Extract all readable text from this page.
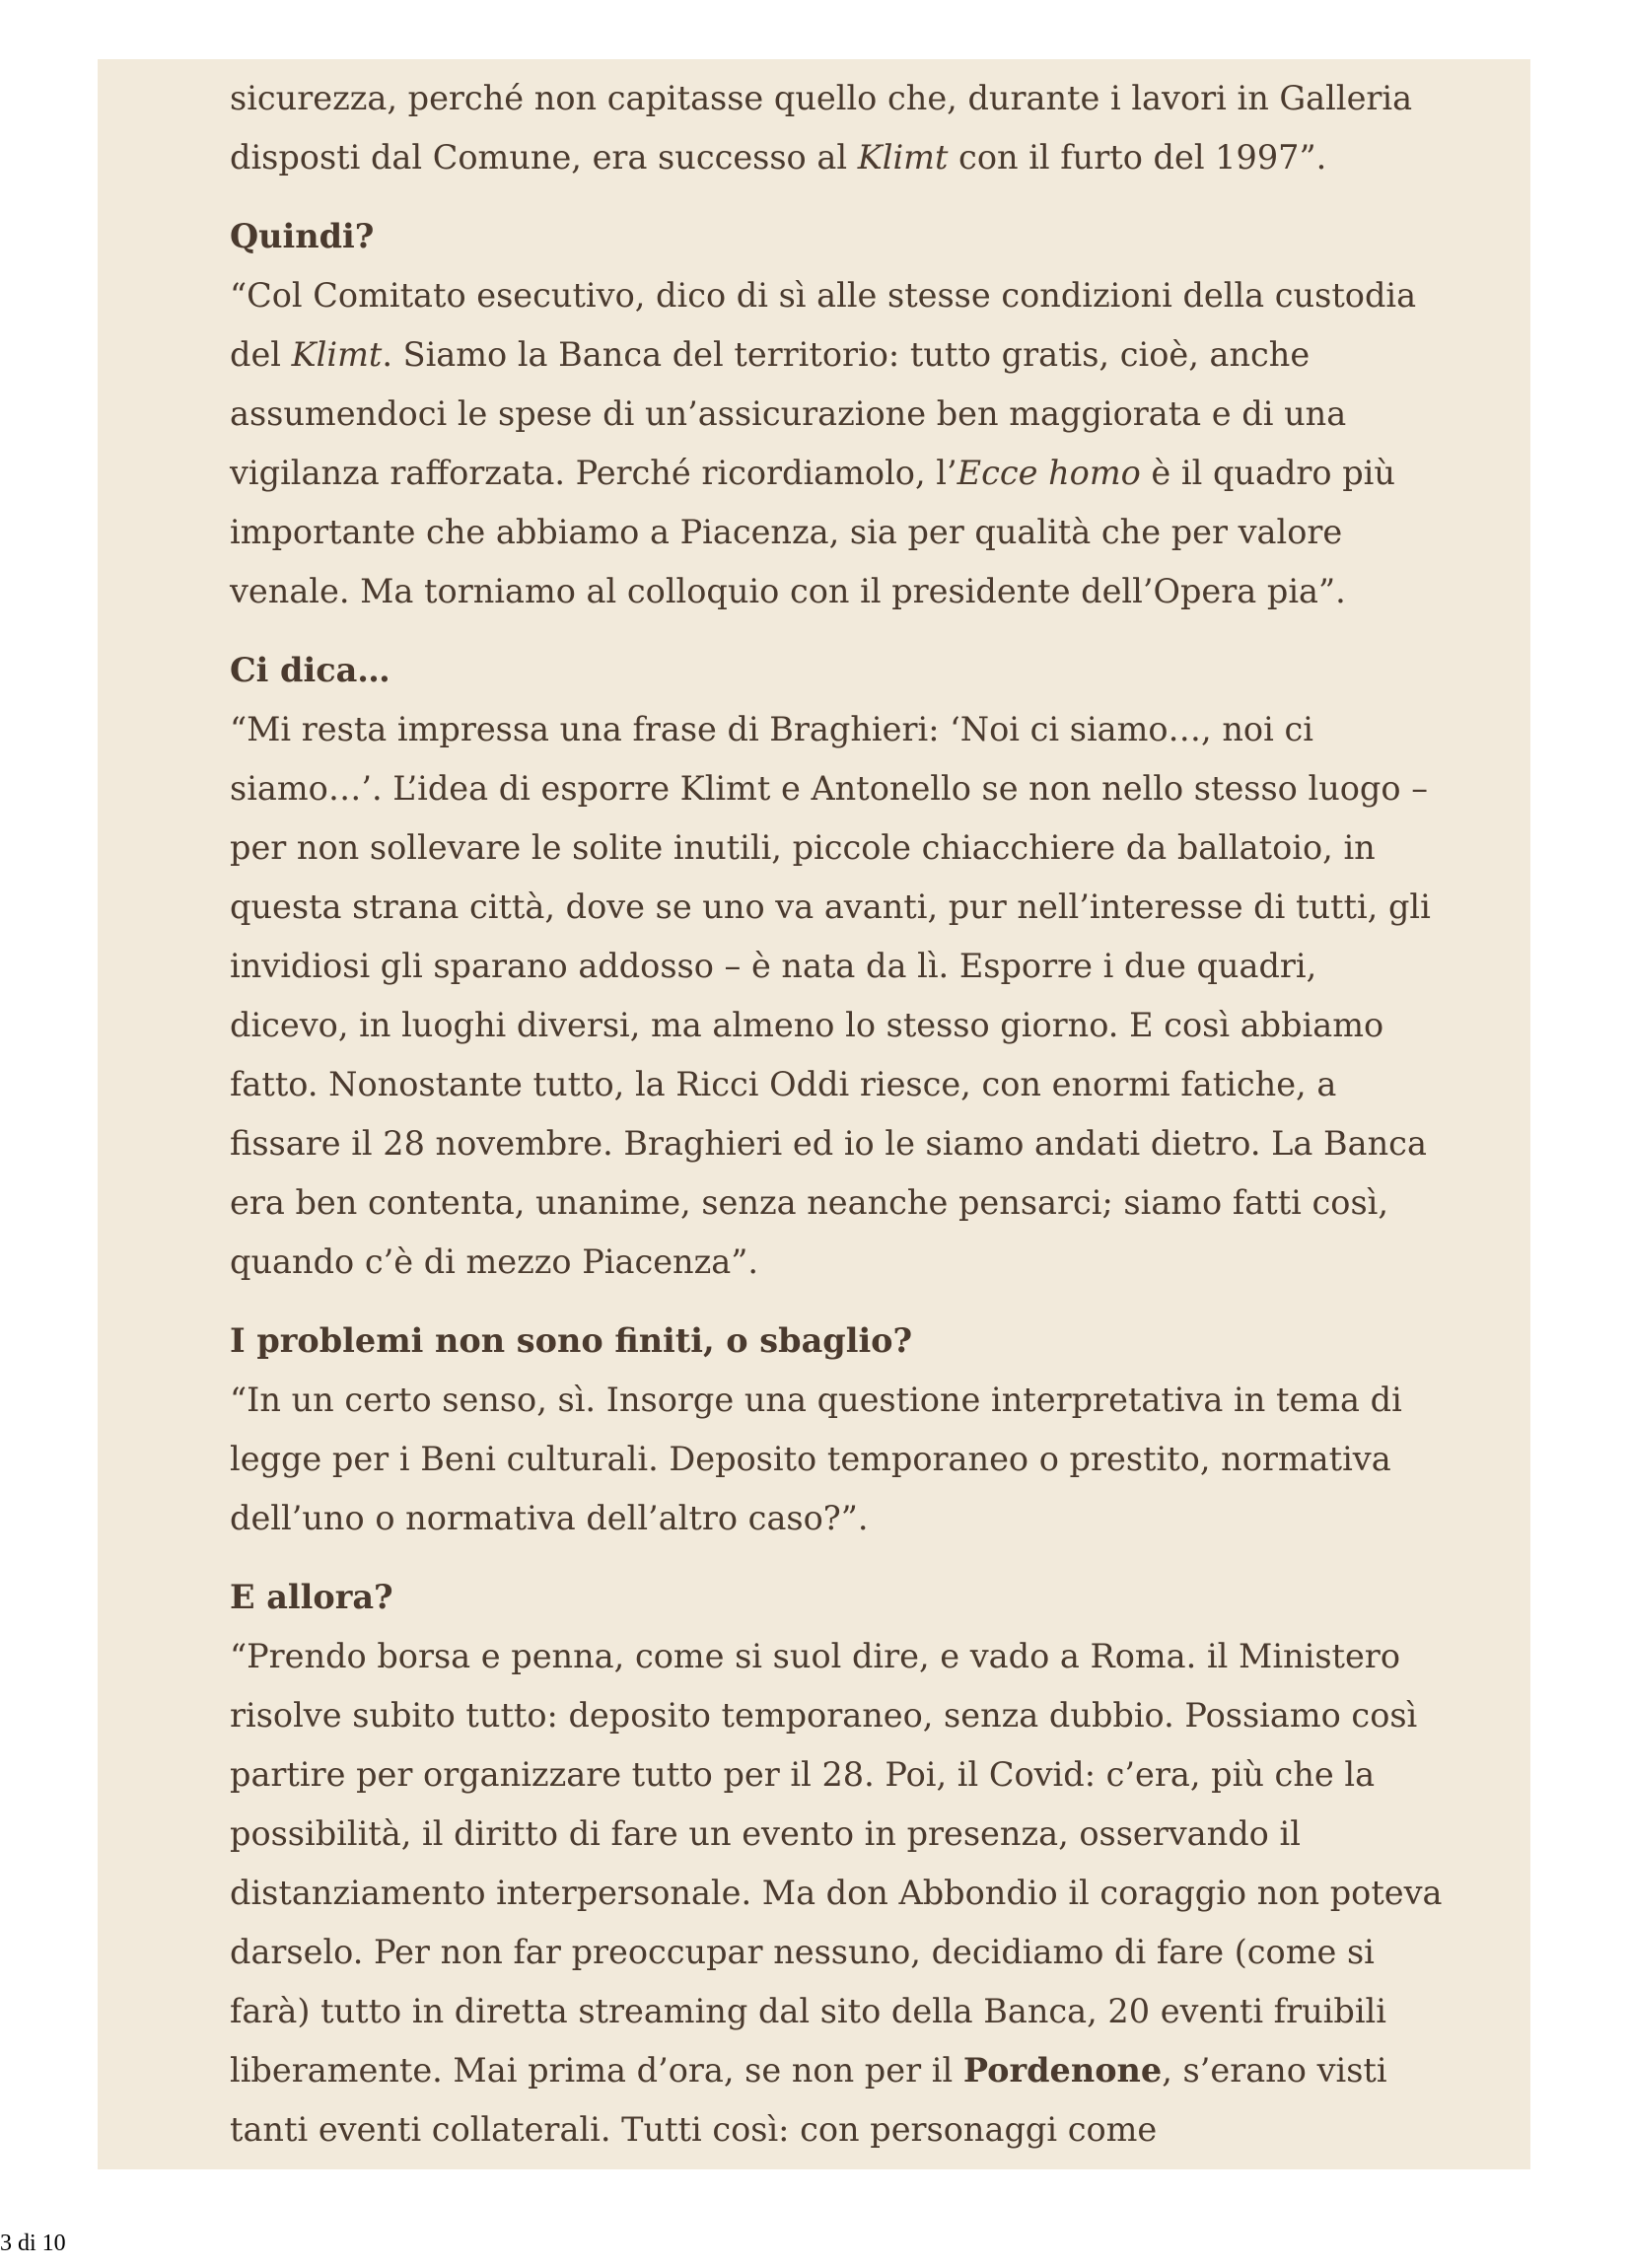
sicurezza, perché non capitasse quello che, durante i lavori in Galleria
disposti dal Comune, era successo al Klimt con il furto del 1997”.

Quindi?

“Col Comitato esecutivo, dico di sì alle stesse condizioni della custodia del Klimt. Siamo la Banca del territorio: tutto gratis, cioè, anche assumendoci le spese di un’assicurazione ben maggiorata e di una vigilanza rafforzata. Perché ricordiamolo, l’Ecce homo è il quadro più importante che abbiamo a Piacenza, sia per qualità che per valore venale. Ma torniamo al colloquio con il presidente dell’Opera pia”.

Ci dica…

“Mi resta impressa una frase di Braghieri: ‘Noi ci siamo…, noi ci siamo…’. L’idea di esporre Klimt e Antonello se non nello stesso luogo – per non sollevare le solite inutili, piccole chiacchiere da ballatoio, in questa strana città, dove se uno va avanti, pur nell’interesse di tutti, gli invidiosi gli sparano addosso – è nata da lì. Esporre i due quadri, dicevo, in luoghi diversi, ma almeno lo stesso giorno. E così abbiamo fatto. Nonostante tutto, la Ricci Oddi riesce, con enormi fatiche, a fissare il 28 novembre. Braghieri ed io le siamo andati dietro. La Banca era ben contenta, unanime, senza neanche pensarci; siamo fatti così, quando c’è di mezzo Piacenza”.

I problemi non sono finiti, o sbaglio?

“In un certo senso, sì. Insorge una questione interpretativa in tema di legge per i Beni culturali. Deposito temporaneo o prestito, normativa dell’uno o normativa dell’altro caso?”.

E allora?

“Prendo borsa e penna, come si suol dire, e vado a Roma. il Ministero risolve subito tutto: deposito temporaneo, senza dubbio. Possiamo così partire per organizzare tutto per il 28. Poi, il Covid: c’era, più che la possibilità, il diritto di fare un evento in presenza, osservando il distanziamento interpersonale. Ma don Abbondio il coraggio non poteva darselo. Per non far preoccupar nessuno, decidiamo di fare (come si farà) tutto in diretta streaming dal sito della Banca, 20 eventi fruibili liberamente. Mai prima d’ora, se non per il Pordenone, s’erano visti tanti eventi collaterali. Tutti così: con personaggi come

3 di 10
